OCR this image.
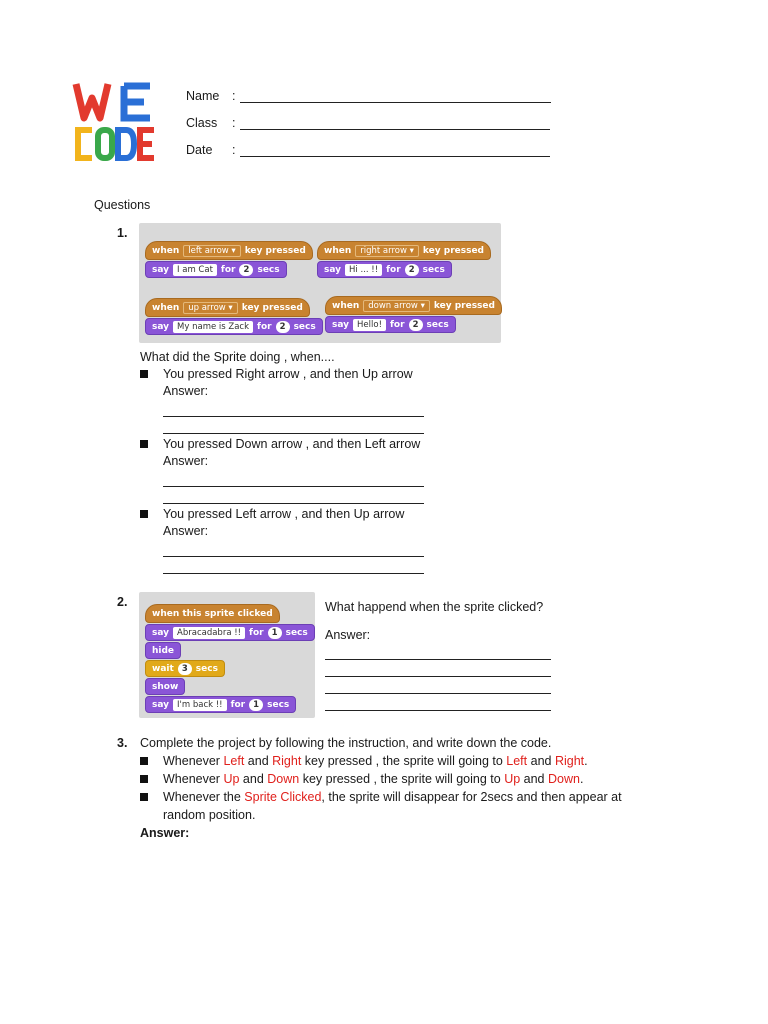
Name :
Class :
Date :
Questions
1.
when	left arrow ▾	key pressed
say I am Cat for 2 secs
when	right arrow ▾	key pressed
say Hi ... !! for 2 secs
when	up arrow ▾	key pressed
say My name is Zack for 2 secs
when	down arrow ▾	key pressed
say Hello! for 2 secs
What did the Sprite doing , when....
You pressed Right arrow , and then Up arrow
Answer:
You pressed Down arrow , and then Left arrow
Answer:
You pressed Left arrow , and then Up arrow
Answer:
2.
when this sprite clicked
say Abracadabra !! for 1 secs
hide
wait 3 secs
show
say I'm back !! for 1 secs
What happend when the sprite clicked?
Answer:
3. Complete the project by following the instruction, and write down the code.
Whenever Left and Right key pressed , the sprite will going to Left and Right.
Whenever Up and Down key pressed , the sprite will going to Up and Down.
Whenever the Sprite Clicked, the sprite will disappear for 2secs and then appear at
random position.
Answer:
